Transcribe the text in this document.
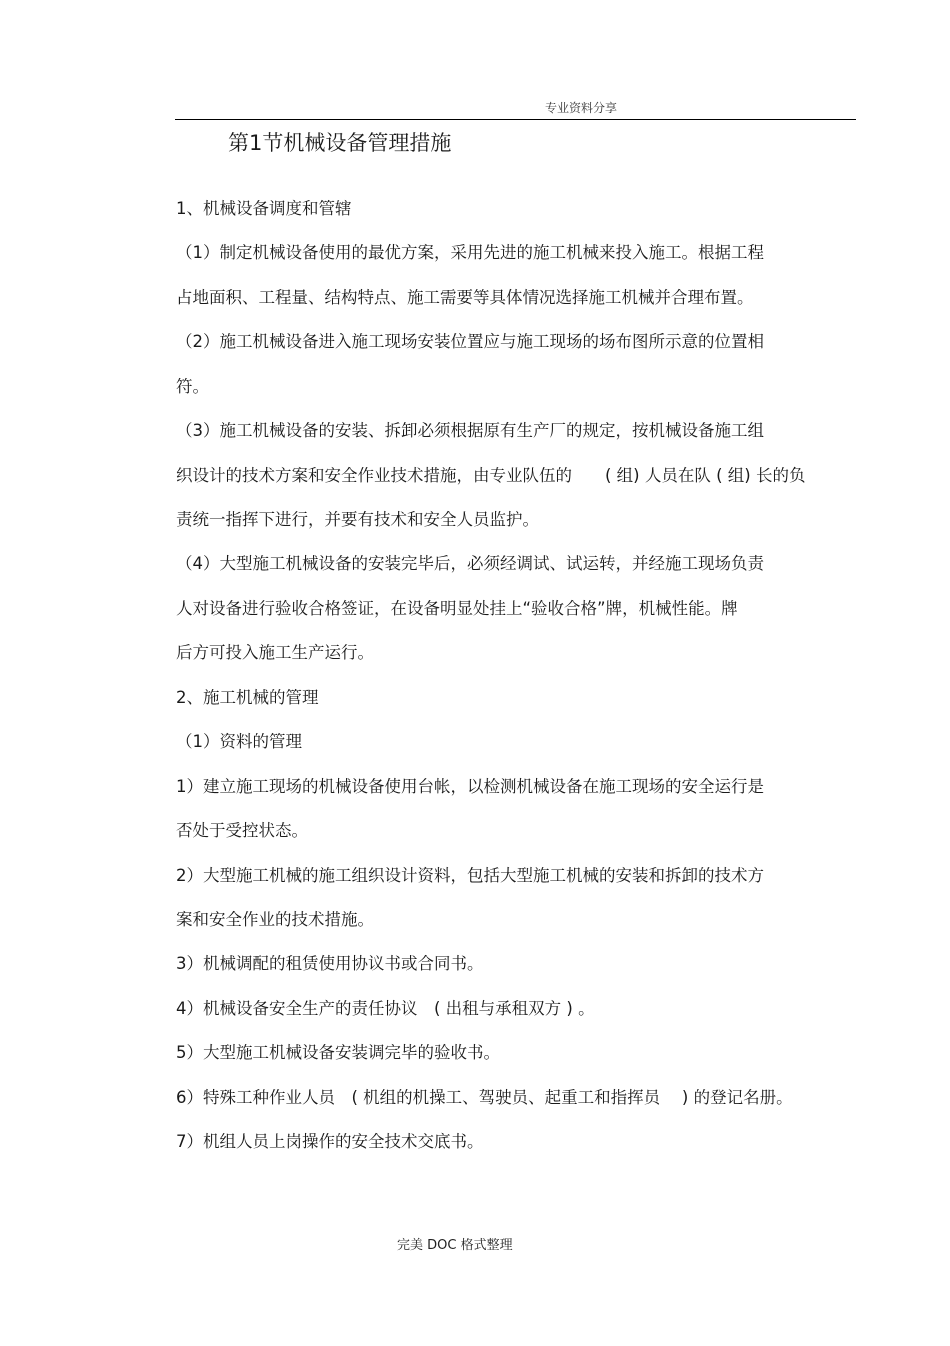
专业资料分享
第1节机械设备管理措施
1、机械设备调度和管辖
（1）制定机械设备使用的最优方案，采用先进的施工机械来投入施工。根据工程
占地面积、工程量、结构特点、施工需要等具体情况选择施工机械并合理布置。
（2）施工机械设备进入施工现场安装位置应与施工现场的场布图所示意的位置相
符。
（3）施工机械设备的安装、拆卸必须根据原有生产厂的规定，按机械设备施工组
织设计的技术方案和安全作业技术措施，由专业队伍的　　( 组) 人员在队 ( 组) 长的负
责统一指挥下进行，并要有技术和安全人员监护。
（4）大型施工机械设备的安装完毕后，必须经调试、试运转，并经施工现场负责
人对设备进行验收合格签证，在设备明显处挂上“验收合格”牌，机械性能。牌
后方可投入施工生产运行。
2、施工机械的管理
（1）资料的管理
1）建立施工现场的机械设备使用台帐，以检测机械设备在施工现场的安全运行是
否处于受控状态。
2）大型施工机械的施工组织设计资料，包括大型施工机械的安装和拆卸的技术方
案和安全作业的技术措施。
3）机械调配的租赁使用协议书或合同书。
4）机械设备安全生产的责任协议　( 出租与承租双方 ) 。
5）大型施工机械设备安装调完毕的验收书。
6）特殊工种作业人员　( 机组的机操工、驾驶员、起重工和指挥员　 ) 的登记名册。
7）机组人员上岗操作的安全技术交底书。
完美 DOC 格式整理
